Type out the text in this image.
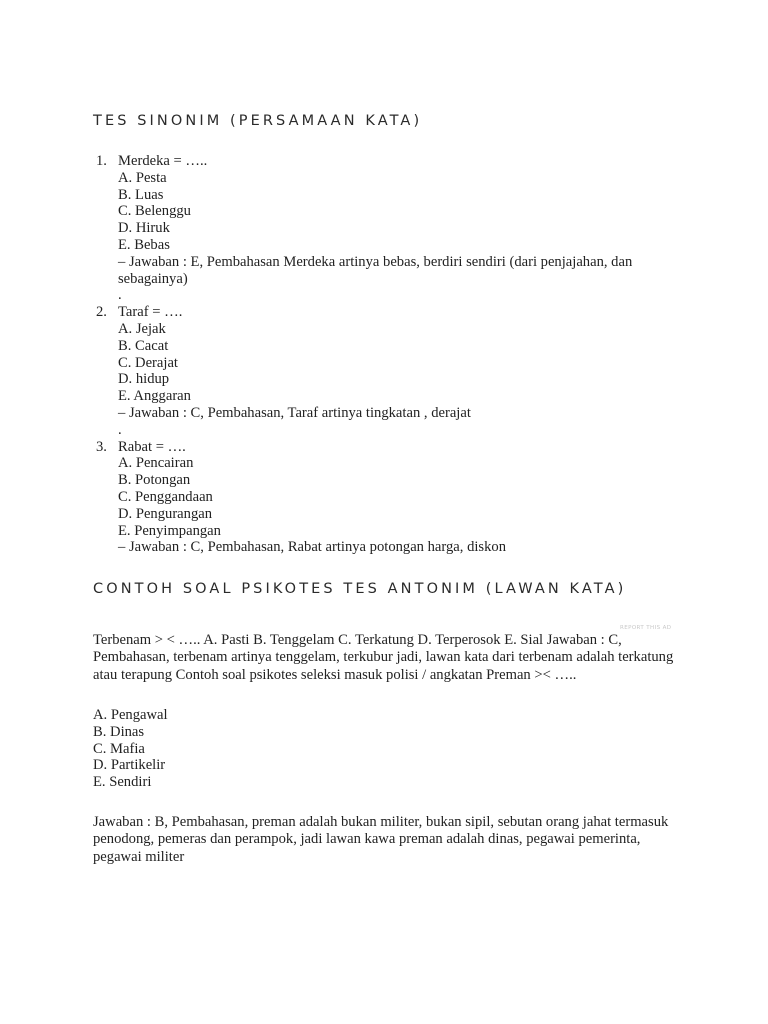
TES SINONIM (PERSAMAAN KATA)
1. Merdeka = …..
A. Pesta
B. Luas
C. Belenggu
D. Hiruk
E. Bebas
– Jawaban : E, Pembahasan Merdeka artinya bebas, berdiri sendiri (dari penjajahan, dan sebagainya)
.
2. Taraf = ….
A. Jejak
B. Cacat
C. Derajat
D. hidup
E. Anggaran
– Jawaban : C, Pembahasan, Taraf artinya tingkatan , derajat
.
3. Rabat = ….
A. Pencairan
B. Potongan
C. Penggandaan
D. Pengurangan
E. Penyimpangan
– Jawaban : C, Pembahasan, Rabat artinya potongan harga, diskon
CONTOH SOAL PSIKOTES TES ANTONIM (LAWAN KATA)
REPORT THIS AD
Terbenam > < ….. A. Pasti B. Tenggelam C. Terkatung D. Terperosok E. Sial Jawaban : C, Pembahasan, terbenam artinya tenggelam, terkubur jadi, lawan kata dari terbenam adalah terkatung atau terapung Contoh soal psikotes seleksi masuk polisi / angkatan Preman >< …..
A. Pengawal
B. Dinas
C. Mafia
D. Partikelir
E. Sendiri
Jawaban : B, Pembahasan, preman adalah bukan militer, bukan sipil, sebutan orang jahat termasuk penodong, pemeras dan perampok, jadi lawan kawa preman adalah dinas, pegawai pemerinta, pegawai militer
